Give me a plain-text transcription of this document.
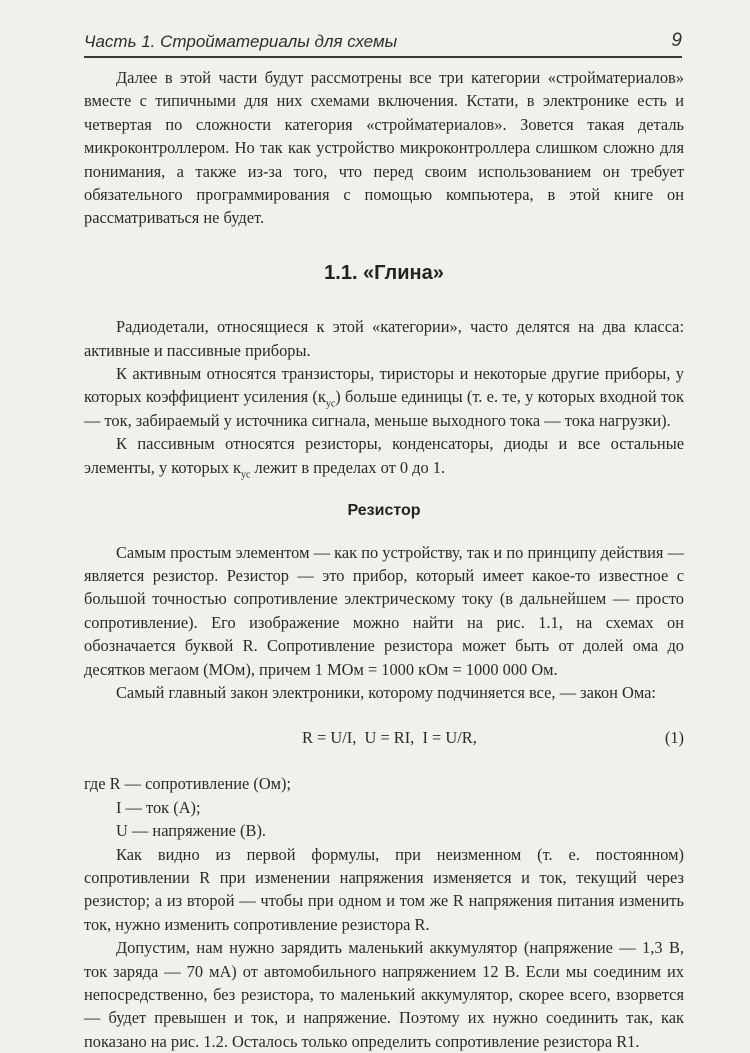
Часть 1. Стройматериалы для схемы	9

Далее в этой части будут рассмотрены все три категории «стройматериалов» вместе с типичными для них схемами включения. Кстати, в электронике есть и четвертая по сложности категория «стройматериалов». Зовется такая деталь микроконтроллером. Но так как устройство микроконтроллера слишком сложно для понимания, а также из-за того, что перед своим использованием он требует обязательного программирования с помощью компьютера, в этой книге он рассматриваться не будет.

1.1. «Глина»

Радиодетали, относящиеся к этой «категории», часто делятся на два класса: активные и пассивные приборы.

К активным относятся транзисторы, тиристоры и некоторые другие приборы, у которых коэффициент усиления $(к_{ус})$ больше единицы (т. е. те, у которых входной ток — ток, забираемый у источника сигнала, меньше выходного тока — тока нагрузки).

К пассивным относятся резисторы, конденсаторы, диоды и все остальные элементы, у которых $к_{ус}$ лежит в пределах от 0 до 1.

Резистор

Самым простым элементом — как по устройству, так и по принципу действия — является резистор. Резистор — это прибор, который имеет какое-то известное с большой точностью сопротивление электрическому току (в дальнейшем — просто сопротивление). Его изображение можно найти на рис. 1.1, на схемах он обозначается буквой R. Сопротивление резистора может быть от долей ома до десятков мегаом (МОм), причем 1 МОм = 1000 кОм = 1000 000 Ом.

Самый главный закон электроники, которому подчиняется все, — закон Ома:

R = U/I,  U = RI,  I = U/R,	(1)

где R — сопротивление (Ом);

I — ток (А);

U — напряжение (В).

Как видно из первой формулы, при неизменном (т. е. постоянном) сопротивлении R при изменении напряжения изменяется и ток, текущий через резистор; а из второй — чтобы при одном и том же R напряжения питания изменить ток, нужно изменить сопротивление резистора R.

Допустим, нам нужно зарядить маленький аккумулятор (напряжение — 1,3 В, ток заряда — 70 мА) от автомобильного напряжением 12 В. Если мы соединим их непосредственно, без резистора, то маленький аккумулятор, скорее всего, взорвется — будет превышен и ток, и напряжение. Поэтому их нужно соединить так, как показано на рис. 1.2. Осталось только определить сопротивление резистора R1.
